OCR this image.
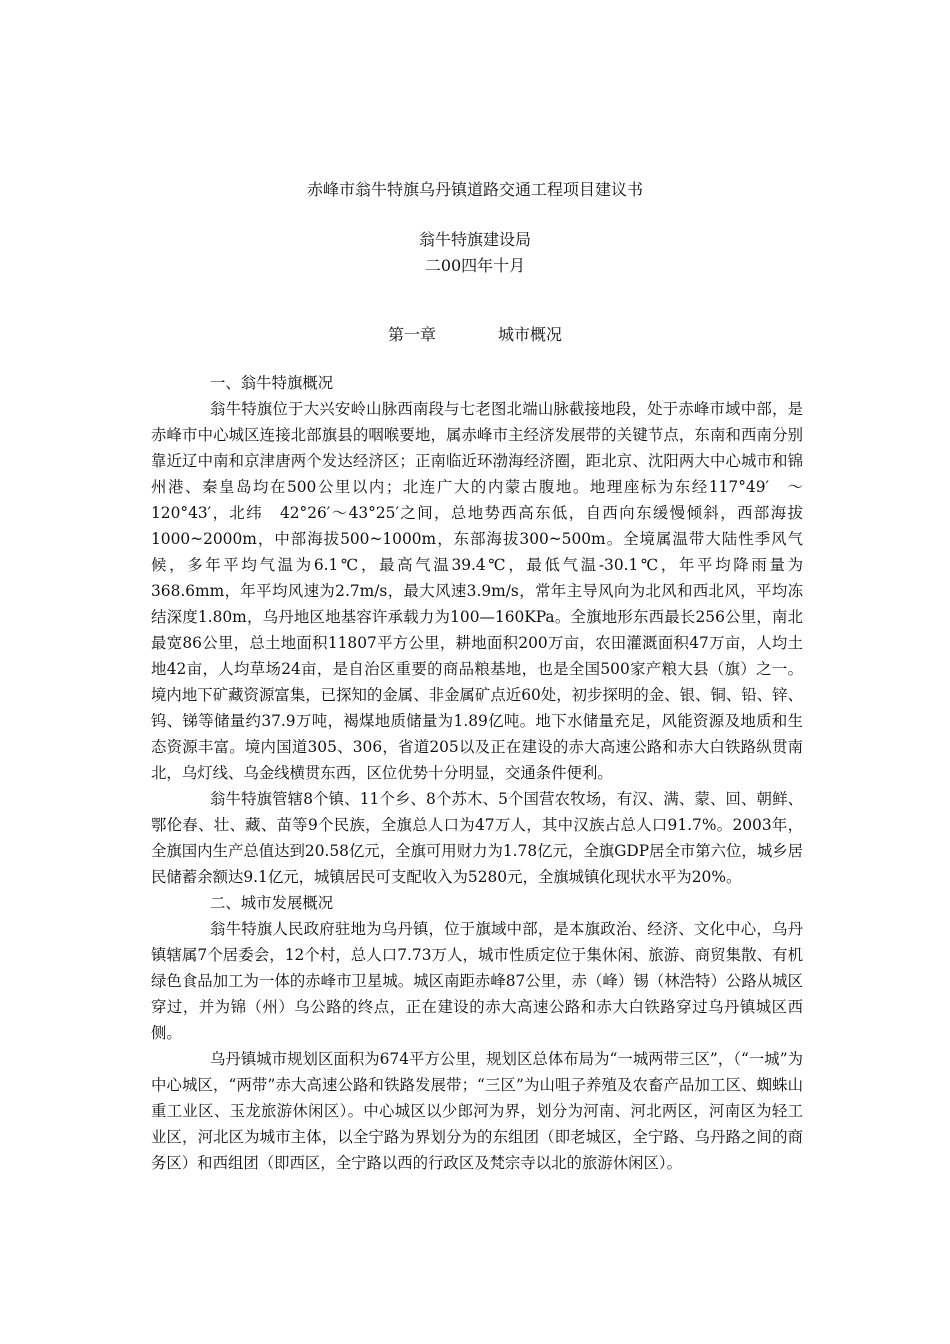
赤峰市翁牛特旗乌丹镇道路交通工程项目建议书
翁牛特旗建设局
二00四年十月
第一章	城市概况

一、翁牛特旗概况

翁牛特旗位于大兴安岭山脉西南段与七老图北端山脉截接地段，处于赤峰市域中部，是赤峰市中心城区连接北部旗县的咽喉要地，属赤峰市主经济发展带的关键节点，东南和西南分别靠近辽中南和京津唐两个发达经济区；正南临近环渤海经济圈，距北京、沈阳两大中心城市和锦州港、秦皇岛均在500公里以内；北连广大的内蒙古腹地。地理座标为东经117°49′　～120°43′，北纬　42°26′～43°25′之间，总地势西高东低，自西向东缓慢倾斜，西部海拔1000~2000m，中部海拔500~1000m，东部海拔300~500m。全境属温带大陆性季风气候，多年平均气温为6.1℃，最高气温39.4℃，最低气温-30.1℃，年平均降雨量为368.6mm，年平均风速为2.7m/s，最大风速3.9m/s，常年主导风向为北风和西北风，平均冻结深度1.80m，乌丹地区地基容许承载力为100—160KPa。全旗地形东西最长256公里，南北最宽86公里，总土地面积11807平方公里，耕地面积200万亩，农田灌溉面积47万亩，人均土地42亩，人均草场24亩，是自治区重要的商品粮基地，也是全国500家产粮大县（旗）之一。境内地下矿藏资源富集，已探知的金属、非金属矿点近60处，初步探明的金、银、铜、铅、锌、钨、锑等储量约37.9万吨，褐煤地质储量为1.89亿吨。地下水储量充足，风能资源及地质和生态资源丰富。境内国道305、306，省道205以及正在建设的赤大高速公路和赤大白铁路纵贯南北，乌灯线、乌金线横贯东西，区位优势十分明显，交通条件便利。

翁牛特旗管辖8个镇、11个乡、8个苏木、5个国营农牧场，有汉、满、蒙、回、朝鲜、鄂伦春、壮、藏、苗等9个民族，全旗总人口为47万人，其中汉族占总人口91.7%。2003年，全旗国内生产总值达到20.58亿元，全旗可用财力为1.78亿元，全旗GDP居全市第六位，城乡居民储蓄余额达9.1亿元，城镇居民可支配收入为5280元，全旗城镇化现状水平为20%。

二、城市发展概况

翁牛特旗人民政府驻地为乌丹镇，位于旗域中部，是本旗政治、经济、文化中心，乌丹镇辖属7个居委会，12个村，总人口7.73万人，城市性质定位于集休闲、旅游、商贸集散、有机绿色食品加工为一体的赤峰市卫星城。城区南距赤峰87公里，赤（峰）锡（林浩特）公路从城区穿过，并为锦（州）乌公路的终点，正在建设的赤大高速公路和赤大白铁路穿过乌丹镇城区西侧。

乌丹镇城市规划区面积为674平方公里，规划区总体布局为“一城两带三区”，（“一城”为中心城区，“两带”赤大高速公路和铁路发展带；“三区”为山咀子养殖及农畜产品加工区、蜘蛛山重工业区、玉龙旅游休闲区）。中心城区以少郎河为界，划分为河南、河北两区，河南区为轻工业区，河北区为城市主体，以全宁路为界划分为的东组团（即老城区，全宁路、乌丹路之间的商务区）和西组团（即西区，全宁路以西的行政区及梵宗寺以北的旅游休闲区）。
